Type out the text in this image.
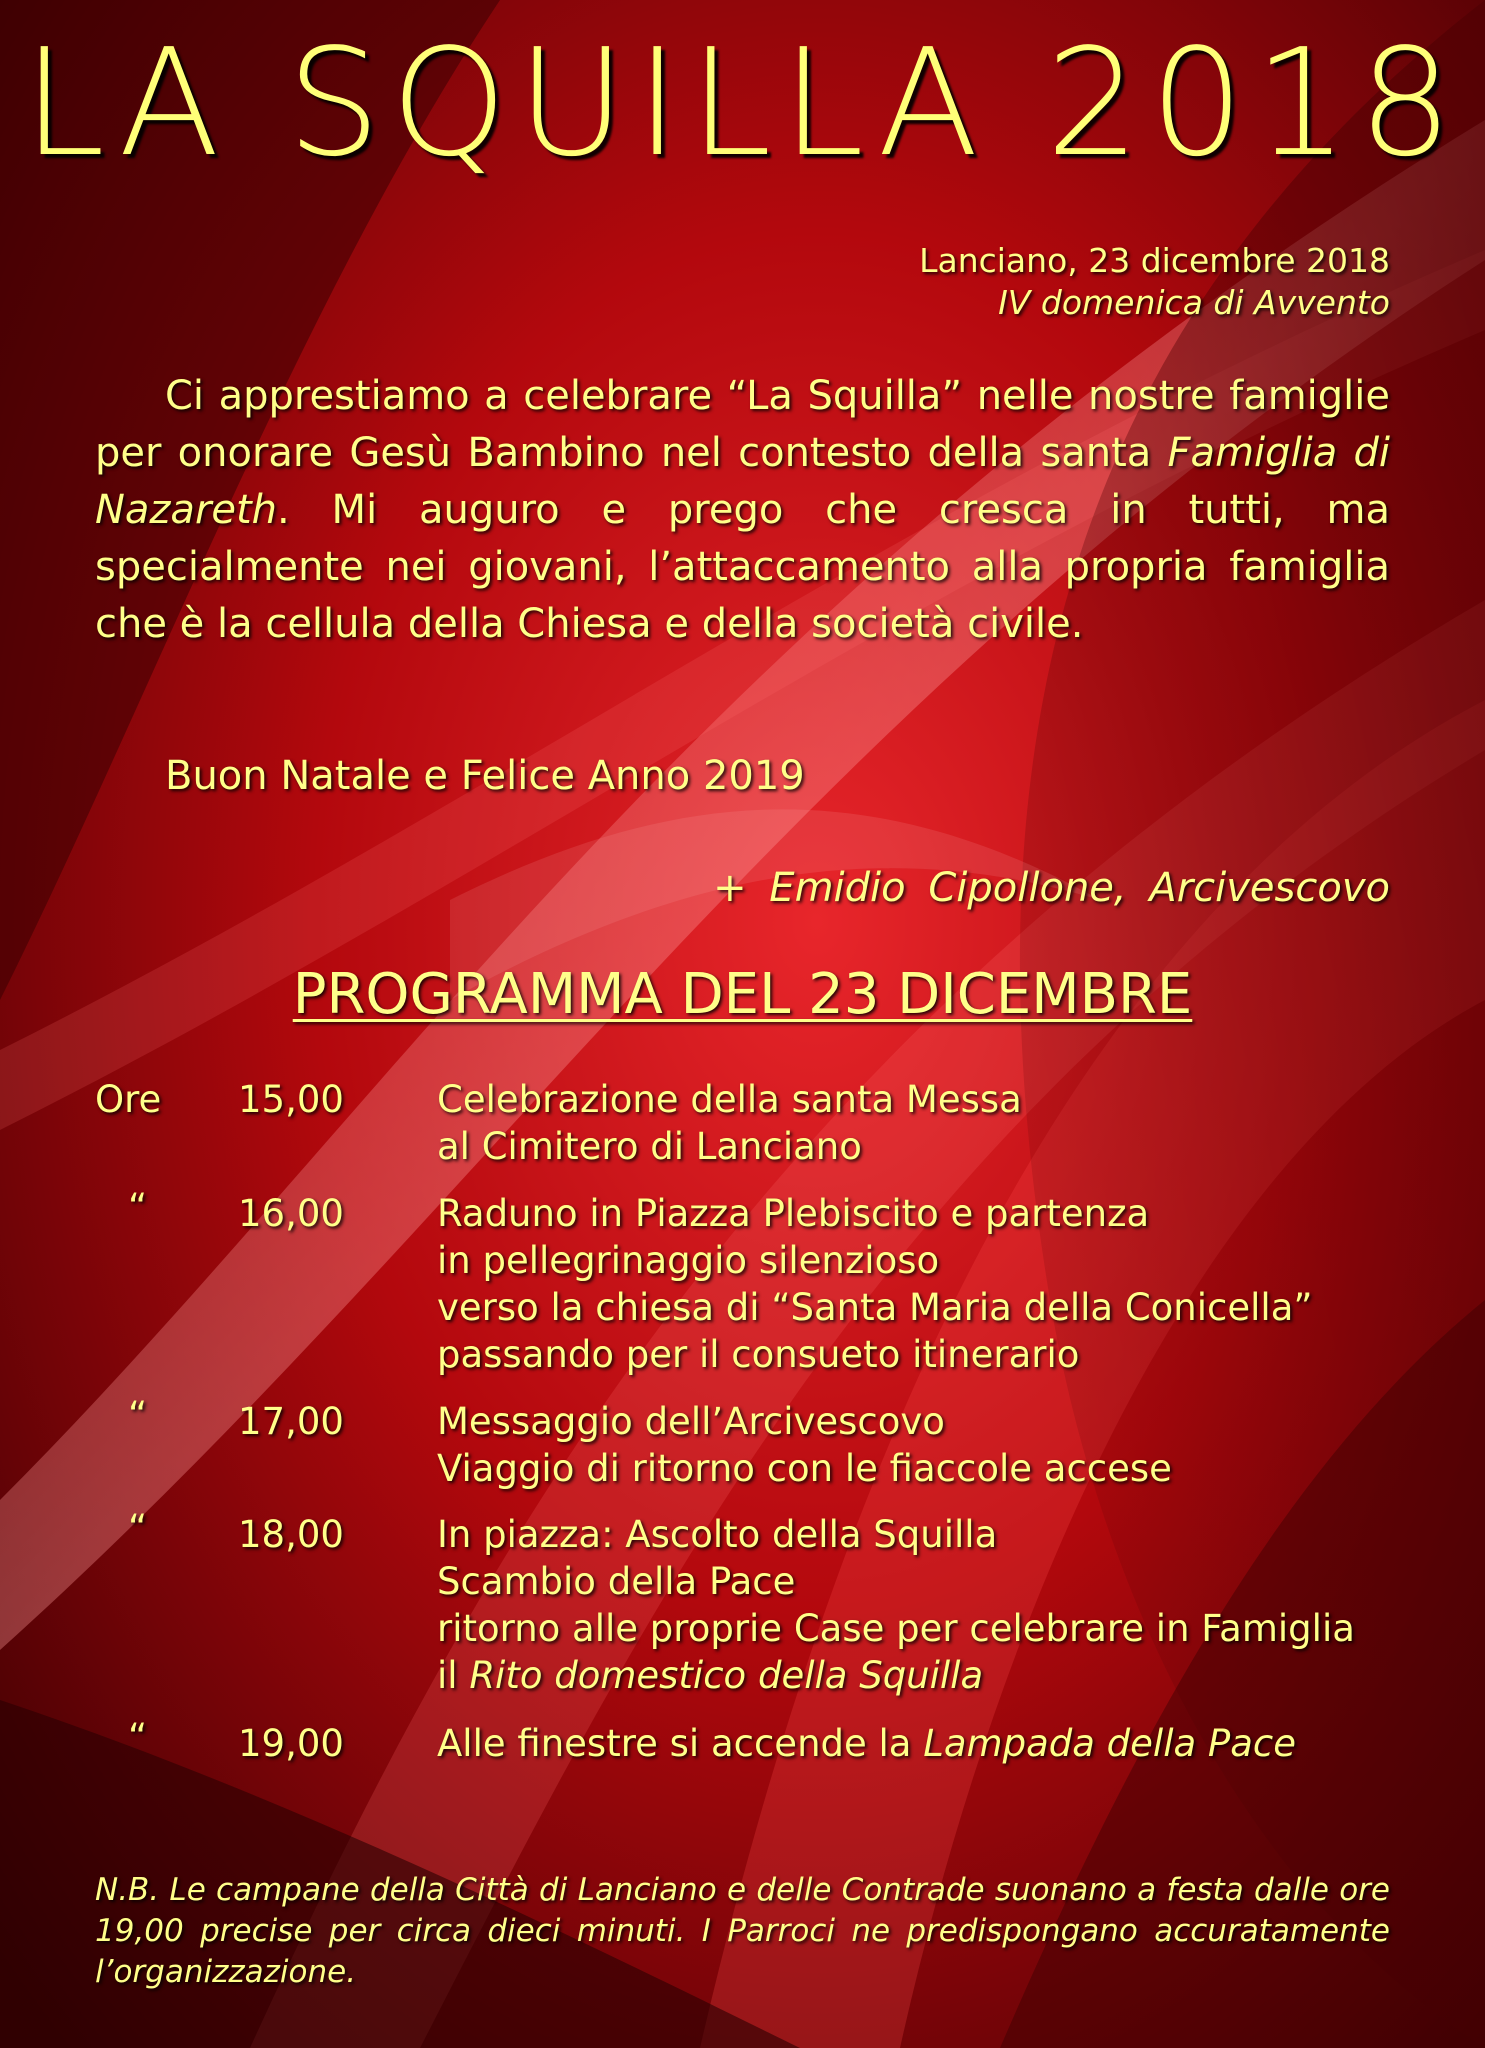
LA SQUILLA 2018
Lanciano, 23 dicembre 2018
IV domenica di Avvento
Ci apprestiamo a celebrare “La Squilla” nelle nostre famiglie per onorare Gesù Bambino nel contesto della santa Famiglia di Nazareth. Mi auguro e prego che cresca in tutti, ma specialmente nei giovani, l’attaccamento alla propria famiglia che è la cellula della Chiesa e della società civile.
Buon Natale e Felice Anno 2019
+ Emidio Cipollone, Arcivescovo
PROGRAMMA DEL 23 DICEMBRE
Ore 15,00	Celebrazione della santa Messa
al Cimitero di Lanciano
“ 16,00	Raduno in Piazza Plebiscito e partenza
in pellegrinaggio silenzioso
verso la chiesa di “Santa Maria della Conicella”
passando per il consueto itinerario
“ 17,00	Messaggio dell’Arcivescovo
Viaggio di ritorno con le fiaccole accese
“ 18,00	In piazza: Ascolto della Squilla
Scambio della Pace
ritorno alle proprie Case per celebrare in Famiglia
il Rito domestico della Squilla
“ 19,00	Alle finestre si accende la Lampada della Pace
N.B. Le campane della Città di Lanciano e delle Contrade suonano a festa dalle ore 19,00 precise per circa dieci minuti. I Parroci ne predispongano accuratamente l’organizzazione.
